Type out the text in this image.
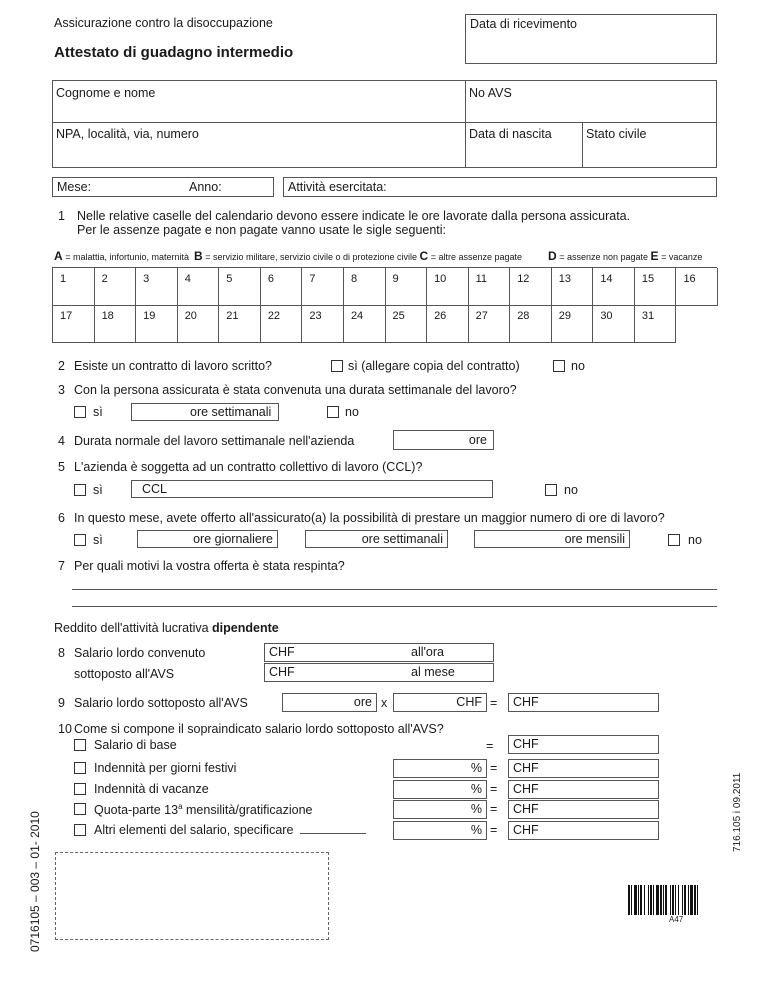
Assicurazione contro la disoccupazione
Attestato di guadagno intermedio
Data di ricevimento
Cognome e nome	No AVS
NPA, località, via, numero	Data di nascita	Stato civile
Mese:	Anno:	Attività esercitata:
1 Nelle relative caselle del calendario devono essere indicate le ore lavorate dalla persona assicurata.
Per le assenze pagate e non pagate vanno usate le sigle seguenti:
A = malattia, infortunio, maternità B = servizio militare, servizio civile o di protezione civile C = altre assenze pagate D = assenze non pagate E = vacanze
1	2	3	4	5	6	7	8	9	10	11	12	13	14	15	16
17	18	19	20	21	22	23	24	25	26	27	28	29	30	31
2 Esiste un contratto di lavoro scritto?	sì (allegare copia del contratto)	no
3 Con la persona assicurata è stata convenuta una durata settimanale del lavoro?
sì	ore settimanali	no
4 Durata normale del lavoro settimanale nell'azienda	ore
5 L'azienda è soggetta ad un contratto collettivo di lavoro (CCL)?
sì	CCL	no
6 In questo mese, avete offerto all'assicurato(a) la possibilità di prestare un maggior numero di ore di lavoro?
sì	ore giornaliere	ore settimanali	ore mensili	no
7 Per quali motivi la vostra offerta è stata respinta?
Reddito dell'attività lucrativa dipendente
8 Salario lordo convenuto
sottoposto all'AVS
CHF	all'ora
CHF	al mese
9 Salario lordo sottoposto all'AVS	ore x	CHF = CHF
10 Come si compone il sopraindicato salario lordo sottoposto all'AVS?
Salario di base	= CHF
Indennità per giorni festivi	% = CHF
Indennità di vacanze	% = CHF
Quota-parte 13$^a$ mensilità/gratificazione	% = CHF
Altri elementi del salario, specificare	% = CHF
0716105 – 003 – 01- 2010	716.105 i 09.2011
A47
